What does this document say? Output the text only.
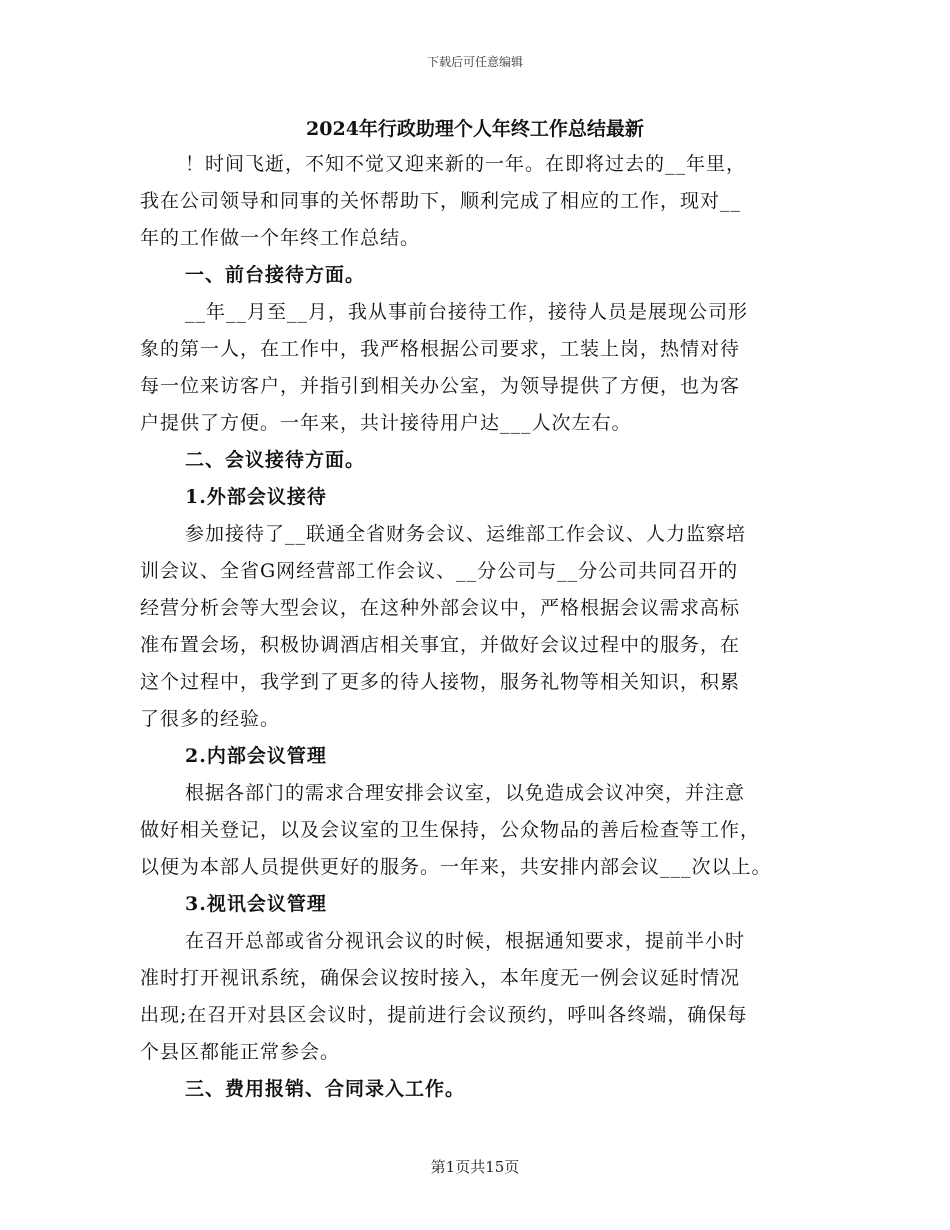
下载后可任意编辑
2024年行政助理个人年终工作总结最新
！时间飞逝，不知不觉又迎来新的一年。在即将过去的__年里，
我在公司领导和同事的关怀帮助下，顺利完成了相应的工作，现对__
年的工作做一个年终工作总结。
一、前台接待方面。
__年__月至__月，我从事前台接待工作，接待人员是展现公司形
象的第一人，在工作中，我严格根据公司要求，工装上岗，热情对待
每一位来访客户，并指引到相关办公室，为领导提供了方便，也为客
户提供了方便。一年来，共计接待用户达___人次左右。
二、会议接待方面。
1.外部会议接待
参加接待了__联通全省财务会议、运维部工作会议、人力监察培
训会议、全省G网经营部工作会议、__分公司与__分公司共同召开的
经营分析会等大型会议，在这种外部会议中，严格根据会议需求高标
准布置会场，积极协调酒店相关事宜，并做好会议过程中的服务，在
这个过程中，我学到了更多的待人接物，服务礼物等相关知识，积累
了很多的经验。
2.内部会议管理
根据各部门的需求合理安排会议室，以免造成会议冲突，并注意
做好相关登记，以及会议室的卫生保持，公众物品的善后检查等工作，
以便为本部人员提供更好的服务。一年来，共安排内部会议___次以上。
3.视讯会议管理
在召开总部或省分视讯会议的时候，根据通知要求，提前半小时
准时打开视讯系统，确保会议按时接入，本年度无一例会议延时情况
出现;在召开对县区会议时，提前进行会议预约，呼叫各终端，确保每
个县区都能正常参会。
三、费用报销、合同录入工作。
第1页共15页
